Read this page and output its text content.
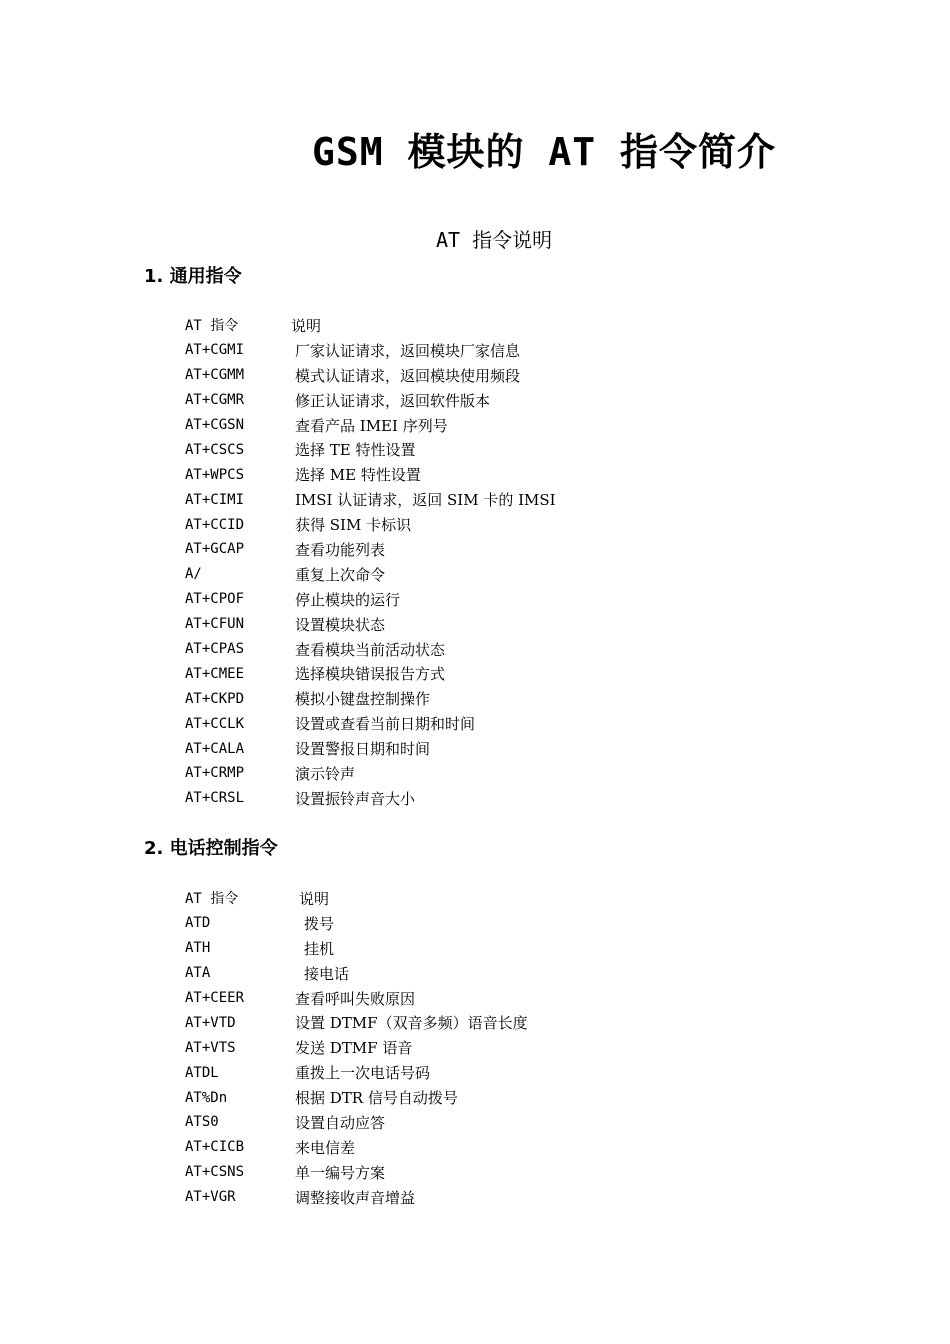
GSM 模块的 AT 指令简介
AT 指令说明
1. 通用指令
AT 指令	说明
AT+CGMI	厂家认证请求，返回模块厂家信息
AT+CGMM	模式认证请求，返回模块使用频段
AT+CGMR	修正认证请求，返回软件版本
AT+CGSN	查看产品 IMEI 序列号
AT+CSCS	选择 TE 特性设置
AT+WPCS	选择 ME 特性设置
AT+CIMI	IMSI 认证请求，返回 SIM 卡的 IMSI
AT+CCID	获得 SIM 卡标识
AT+GCAP	查看功能列表
A/	重复上次命令
AT+CPOF	停止模块的运行
AT+CFUN	设置模块状态
AT+CPAS	查看模块当前活动状态
AT+CMEE	选择模块错误报告方式
AT+CKPD	模拟小键盘控制操作
AT+CCLK	设置或查看当前日期和时间
AT+CALA	设置警报日期和时间
AT+CRMP	演示铃声
AT+CRSL	设置振铃声音大小
2. 电话控制指令
AT 指令	说明
ATD	拨号
ATH	挂机
ATA	接电话
AT+CEER	查看呼叫失败原因
AT+VTD	设置 DTMF（双音多频）语音长度
AT+VTS	发送 DTMF 语音
ATDL	重拨上一次电话号码
AT%Dn	根据 DTR 信号自动拨号
ATS0	设置自动应答
AT+CICB	来电信差
AT+CSNS	单一编号方案
AT+VGR	调整接收声音增益
